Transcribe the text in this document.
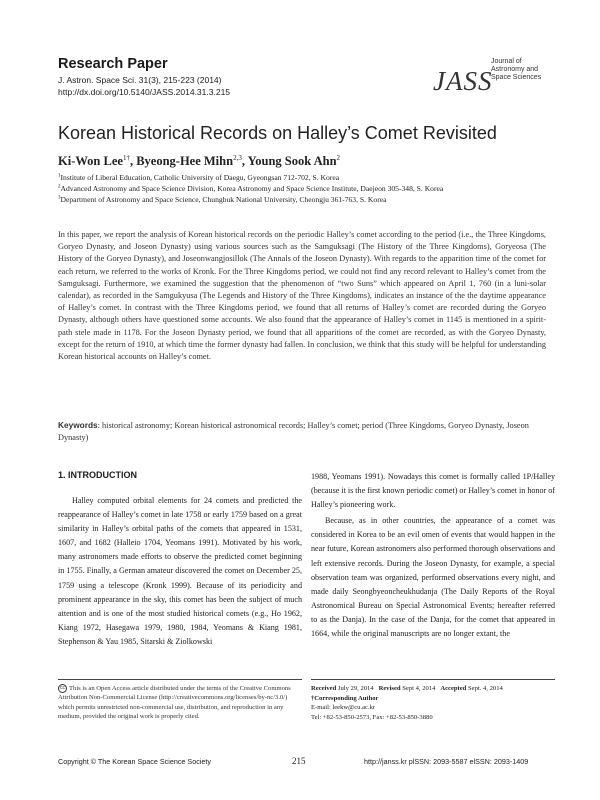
Research Paper
J. Astron. Space Sci. 31(3), 215-223 (2014)
http://dx.doi.org/10.5140/JASS.2014.31.3.215	JASS
Journal of
Astronomy and
Space Sciences
Korean Historical Records on Halley’s Comet Revisited
Ki-Won Lee$^{1\dagger}$, Byeong-Hee Mihn$^{2,3}$, Young Sook Ahn$^2$
$^1$Institute of Liberal Education, Catholic University of Daegu, Gyeongsan 712-702, S. Korea
$^2$Advanced Astronomy and Space Science Division, Korea Astronomy and Space Science Institute, Daejeon 305-348, S. Korea
$^3$Department of Astronomy and Space Science, Chungbuk National University, Cheongju 361-763, S. Korea
In this paper, we report the analysis of Korean historical records on the periodic Halley’s comet according to the period (i.e., the Three Kingdoms, Goryeo Dynasty, and Joseon Dynasty) using various sources such as the Samguksagi (The History of the Three Kingdoms), Goryeosa (The History of the Goryeo Dynasty), and Joseonwangjosillok (The Annals of the Joseon Dynasty). With regards to the apparition time of the comet for each return, we referred to the works of Kronk. For the Three Kingdoms period, we could not find any record relevant to Halley’s comet from the Samguksagi. Furthermore, we examined the suggestion that the phenomenon of “two Suns” which appeared on April 1, 760 (in a luni-solar calendar), as recorded in the Samgukyusa (The Legends and History of the Three Kingdoms), indicates an instance of the the daytime appearance of Halley’s comet. In contrast with the Three Kingdoms period, we found that all returns of Halley’s comet are recorded during the Goryeo Dynasty, although others have questioned some accounts. We also found that the appearance of Halley’s comet in 1145 is mentioned in a spirit-path stele made in 1178. For the Joseon Dynasty period, we found that all apparitions of the comet are recorded, as with the Goryeo Dynasty, except for the return of 1910, at which time the former dynasty had fallen. In conclusion, we think that this study will be helpful for understanding Korean historical accounts on Halley’s comet.
Keywords: historical astronomy; Korean historical astronomical records; Halley’s comet; period (Three Kingdoms, Goryeo Dynasty, Joseon Dynasty)
1. INTRODUCTION

Halley computed orbital elements for 24 comets and predicted the reappearance of Halley’s comet in late 1758 or early 1759 based on a great similarity in Halley’s orbital paths of the comets that appeared in 1531, 1607, and 1682 (Halleio 1704, Yeomans 1991). Motivated by his work, many astronomers made efforts to observe the predicted comet beginning in 1755. Finally, a German amateur discovered the comet on December 25, 1759 using a telescope (Kronk 1999). Because of its periodicity and prominent appearance in the sky, this comet has been the subject of much attention and is one of the most studied historical comets (e.g., Ho 1962, Kiang 1972, Hasegawa 1979, 1980, 1984, Yeomans & Kiang 1981, Stephenson & Yau 1985, Sitarski & Ziolkowski

1988, Yeomans 1991). Nowadays this comet is formally called 1P/Halley (because it is the first known periodic comet) or Halley’s comet in honor of Halley’s pioneering work.

Because, as in other countries, the appearance of a comet was considered in Korea to be an evil omen of events that would happen in the near future, Korean astronomers also performed thorough observations and left extensive records. During the Joseon Dynasty, for example, a special observation team was organized, performed observations every night, and made daily Seongbyeoncheukhudanja (The Daily Reports of the Royal Astronomical Bureau on Special Astronomical Events; hereafter referred to as the Danja). In the case of the Danja, for the comet that appeared in 1664, while the original manuscripts are no longer extant, the

cc This is an Open Access article distributed under the terms of the Creative Commons Attribution Non-Commercial License (http://creativecommons.org/licenses/by-nc/3.0/) which permits unrestricted non-commercial use, distribution, and reproduction in any medium, provided the original work is properly cited.
Received July 29, 2014 Revised Sept 4, 2014 Accepted Sept. 4, 2014
†Corresponding Author
E-mail: leekw@cu.ac.kr
Tel: +82-53-850-2573, Fax: +82-53-850-3880
Copyright © The Korean Space Science Society	215	http://janss.kr plSSN: 2093-5587 elSSN: 2093-1409
